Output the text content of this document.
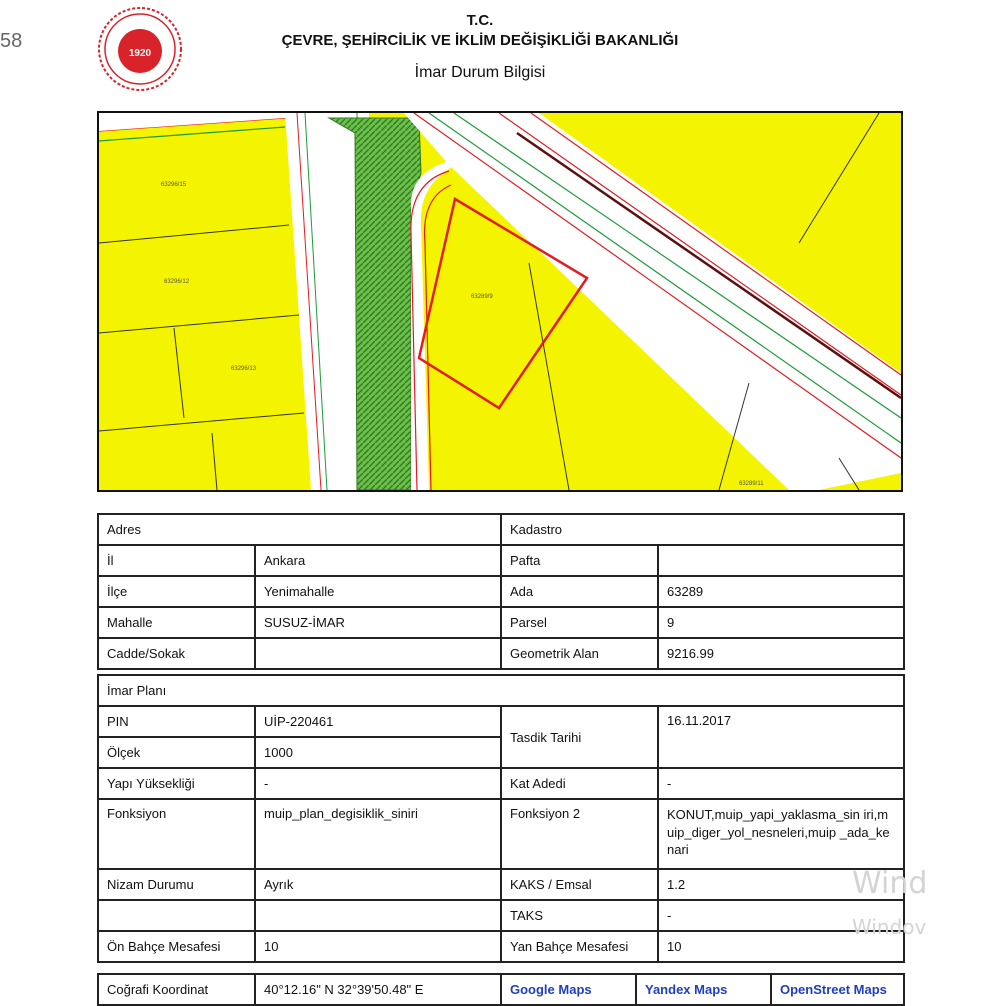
58
1920
T.C.
ÇEVRE, ŞEHİRCİLİK VE İKLİM DEĞİŞİKLİĞİ BAKANLIĞI
İmar Durum Bilgisi
63296/15
63296/12
63296/13
63289/9
63289/11
Adres		Kadastro	
İl	Ankara	Pafta	
İlçe	Yenimahalle	Ada	63289
Mahalle	SUSUZ-İMAR	Parsel	9
Cadde/Sokak		Geometrik Alan	9216.99
İmar Planı			
PIN	UİP-220461	Tasdik Tarihi	16.11.2017
Ölçek	1000		
Yapı Yüksekliği	-	Kat Adedi	-
Fonksiyon	muip_plan_degisiklik_siniri	Fonksiyon 2	KONUT,muip_yapi_yaklasma_sin iri,muip_diger_yol_nesneleri,muip _ada_kenari
Nizam Durumu	Ayrık	KAKS / Emsal	1.2
		TAKS	-
Ön Bahçe Mesafesi	10	Yan Bahçe Mesafesi	10
Coğrafi Koordinat	40°12.16" N 32°39'50.48" E	Google Maps	Yandex Maps	OpenStreet Maps
Wind
Windov
